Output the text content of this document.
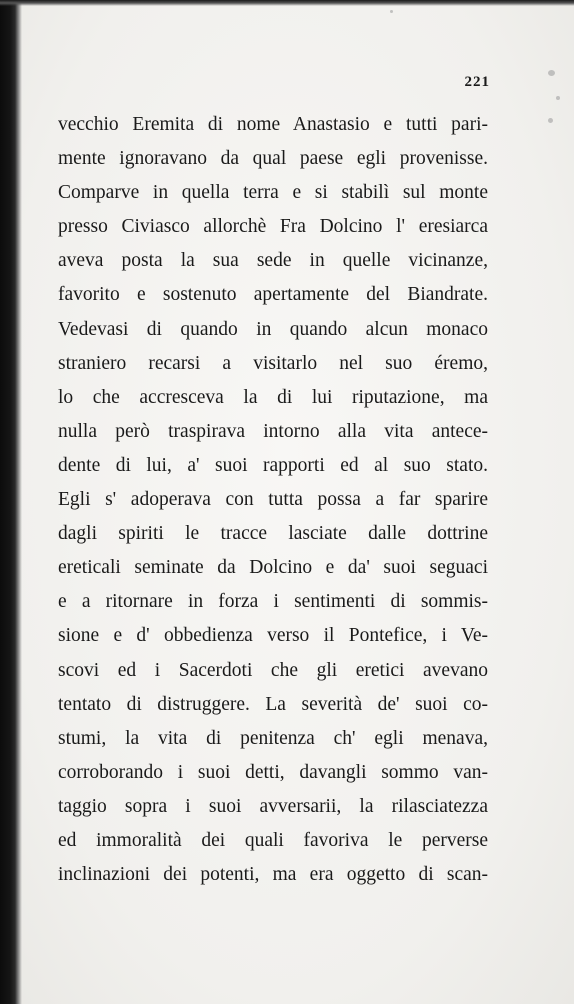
221
vecchio Eremita di nome Anastasio e tutti pari-
mente ignoravano da qual paese egli provenisse.
Comparve in quella terra e si stabilì sul monte
presso Civiasco allorchè Fra Dolcino l' eresiarca
aveva posta la sua sede in quelle vicinanze,
favorito e sostenuto apertamente del Biandrate.
Vedevasi di quando in quando alcun monaco
straniero recarsi a visitarlo nel suo éremo,
lo che accresceva la di lui riputazione, ma
nulla però traspirava intorno alla vita antece-
dente di lui, a' suoi rapporti ed al suo stato.
Egli s' adoperava con tutta possa a far sparire
dagli spiriti le tracce lasciate dalle dottrine
ereticali seminate da Dolcino e da' suoi seguaci
e a ritornare in forza i sentimenti di sommis-
sione e d' obbedienza verso il Pontefice, i Ve-
scovi ed i Sacerdoti che gli eretici avevano
tentato di distruggere. La severità de' suoi co-
stumi, la vita di penitenza ch' egli menava,
corroborando i suoi detti, davangli sommo van-
taggio sopra i suoi avversarii, la rilasciatezza
ed immoralità dei quali favoriva le perverse
inclinazioni dei potenti, ma era oggetto di scan-
